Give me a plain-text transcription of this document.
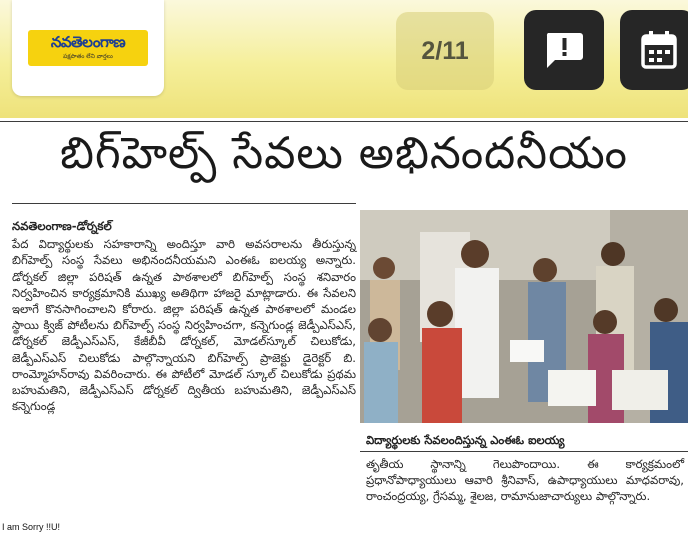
నవతెలంగాణ
పక్షపాతం లేని వార్తలు	2/11
బిగ్‌హెల్ప్ సేవలు అభినందనీయం
నవతెలంగాణ-డోర్నకల్
పేద విద్యార్థులకు సహకారాన్ని అందిస్తూ వారి అవసరాలను తీరుస్తున్న బిగ్‌హెల్ప్ సంస్థ సేవలు అభినందనీయమని ఎంఈఓ ఐలయ్య అన్నారు. డోర్నకల్ జిల్లా పరిషత్ ఉన్నత పాఠశాలలో బిగ్‌హెల్ప్ సంస్థ శనివారం నిర్వహించిన కార్యక్రమానికి ముఖ్య అతిథిగా హాజరై మాట్లాడారు. ఈ సేవలని ఇలాగే కొనసాగించాలని కోరారు. జిల్లా పరిషత్ ఉన్నత పాఠశాలలో మండల స్థాయి క్విజ్ పోటీలను బిగ్‌హెల్ప్ సంస్థ నిర్వహించగా, కన్నెగుండ్ల జెడ్పీఎస్ఎస్, డోర్నకల్ జెడ్పీఎస్ఎస్, కేజీబీవీ డోర్నకల్, మోడల్‌స్కూల్ చిలుకోడు, జెడ్పీఎస్ఎస్ చిలుకోడు పాల్గొన్నాయని బిగ్‌హెల్ప్ ప్రాజెక్టు డైరెక్టర్ బి. రాంమ్మోహన్‌రావు వివరించారు. ఈ పోటీలో మోడల్ స్కూల్ చిలుకోడు ప్రథమ బహుమతిని, జెడ్పీఎస్ఎస్ డోర్నకల్ ద్వితీయ బహుమతిని, జెడ్పీఎస్ఎస్ కన్నెగుండ్ల
విద్యార్థులకు సేవలందిస్తున్న ఎంఈఓ ఐలయ్య
తృతీయ స్థానాన్ని గెలుపొందాయి. ఈ కార్యక్రమంలో ప్రధానోపాధ్యాయులు ఆవారి శ్రీనివాస్, ఉపాధ్యాయులు మాధవరావు, రాంచంద్రయ్య, గ్రేసమ్మ, శైలజ, రామానుజాచార్యులు పాల్గొన్నారు.
I am Sorry !!U!
